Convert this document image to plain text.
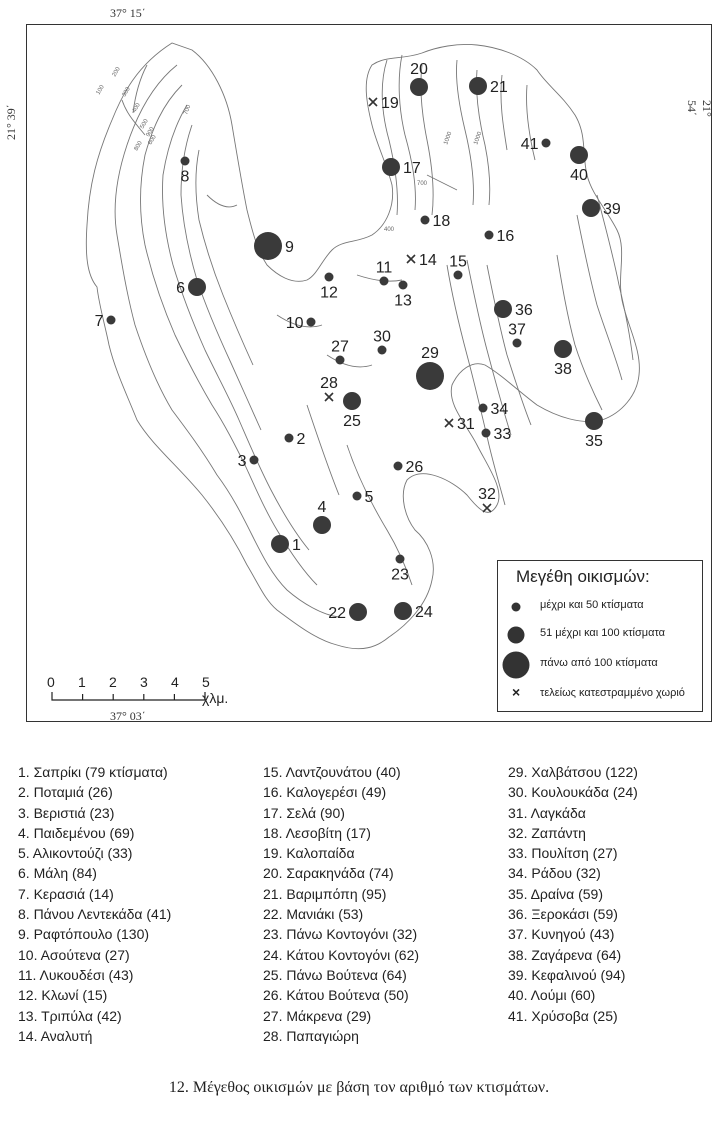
37° 15΄
37° 03΄
21° 39΄	21° 54΄
100
200
300
400
500
600
700
800
900	1000	1000
700
400
1
2
3
4
5
6
7
8
9
10
11
12	13
14 15
16
17
18
19
20
21
22
23
24
25
26
27
28
29
30
31
32
33
34
35
36
37
38
39
40
41
Μεγέθη οικισμών:
μέχρι και 50 κτίσματα
51 μέχρι και 100 κτίσματα
πάνω από 100 κτίσματα
× τελείως κατεστραμμένο χωριό
0 1 2 3 4 5 χλμ.
1. Σαπρίκι (79 κτίσματα)
2. Ποταμιά (26)
3. Βεριστιά (23)
4. Παιδεμένου (69)
5. Αλικοντούζι (33)
6. Μάλη (84)
7. Κερασιά (14)
8. Πάνου Λεντεκάδα (41)
9. Ραφτόπουλο (130)
10. Ασούτενα (27)
11. Λυκουδέσι (43)
12. Κλωνί (15)
13. Τριπύλα (42)
14. Αναλυτή
15. Λαντζουνάτου (40)
16. Καλογερέσι (49)
17. Σελά (90)
18. Λεσοβίτη (17)
19. Καλοπαίδα
20. Σαρακηνάδα (74)
21. Βαριμπόπη (95)
22. Μανιάκι (53)
23. Πάνω Κοντογόνι (32)
24. Κάτου Κοντογόνι (62)
25. Πάνω Βούτενα (64)
26. Κάτου Βούτενα (50)
27. Μάκρενα (29)
28. Παπαγιώρη
29. Χαλβάτσου (122)
30. Κουλουκάδα (24)
31. Λαγκάδα
32. Ζαπάντη
33. Πουλίτση (27)
34. Ράδου (32)
35. Δραίνα (59)
36. Ξεροκάσι (59)
37. Κυνηγού (43)
38. Ζαγάρενα (64)
39. Κεφαλινού (94)
40. Λούμι (60)
41. Χρύσοβα (25)
12. Μέγεθος οικισμών με βάση τον αριθμό των κτισμάτων.
